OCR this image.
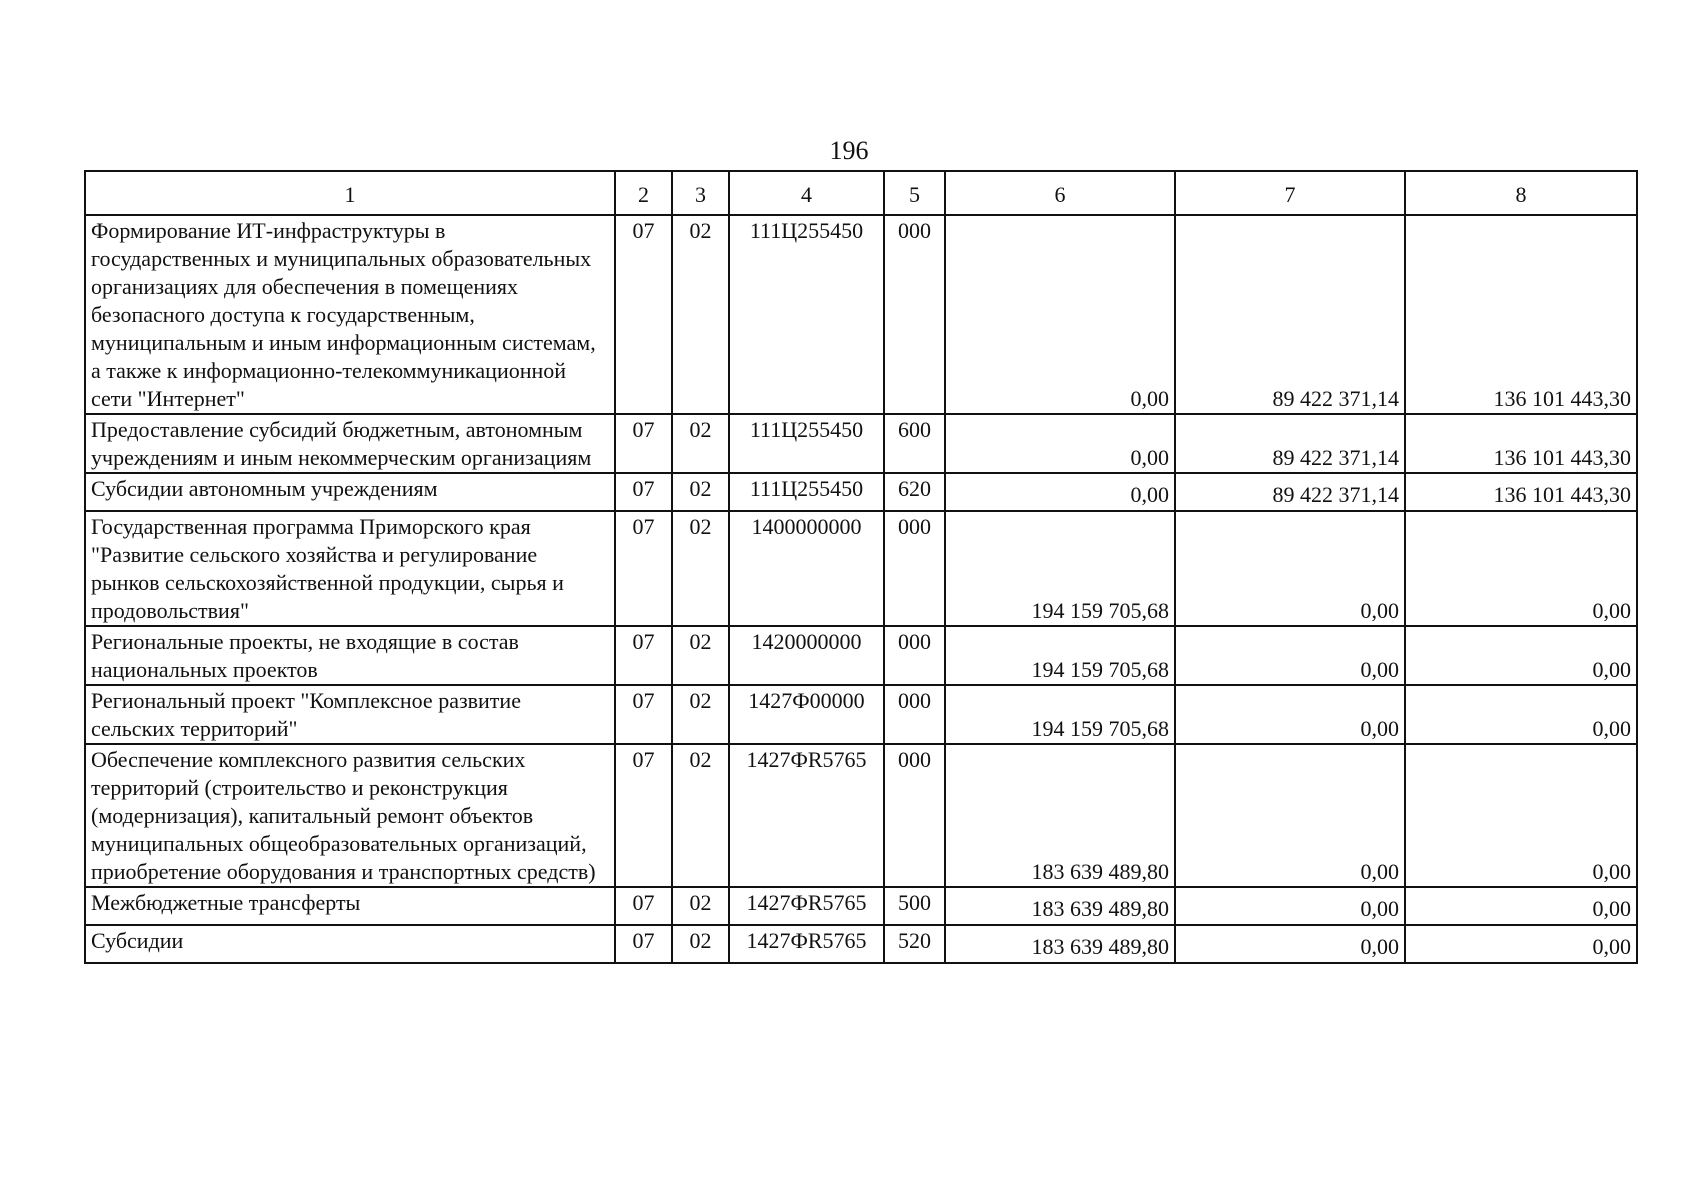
196
1	2	3	4	5	6	7	8
Формирование ИТ-инфраструктуры в государственных и муниципальных образовательных организациях для обеспечения в помещениях безопасного доступа к государственным, муниципальным и иным информационным системам, а также к информационно-телекоммуникационной сети "Интернет"	07	02	111Ц255450	000	0,00	89 422 371,14	136 101 443,30
Предоставление субсидий бюджетным, автономным учреждениям и иным некоммерческим организациям	07	02	111Ц255450	600	0,00	89 422 371,14	136 101 443,30
Субсидии автономным учреждениям	07	02	111Ц255450	620	0,00	89 422 371,14	136 101 443,30
Государственная программа Приморского края "Развитие сельского хозяйства и регулирование рынков сельскохозяйственной продукции, сырья и продовольствия"	07	02	1400000000	000	194 159 705,68	0,00	0,00
Региональные проекты, не входящие в состав национальных проектов	07	02	1420000000	000	194 159 705,68	0,00	0,00
Региональный проект "Комплексное развитие сельских территорий"	07	02	1427Ф00000	000	194 159 705,68	0,00	0,00
Обеспечение комплексного развития сельских территорий (строительство и реконструкция (модернизация), капитальный ремонт объектов муниципальных общеобразовательных организаций, приобретение оборудования и транспортных средств)	07	02	1427ФR5765	000	183 639 489,80	0,00	0,00
Межбюджетные трансферты	07	02	1427ФR5765	500	183 639 489,80	0,00	0,00
Субсидии	07	02	1427ФR5765	520	183 639 489,80	0,00	0,00
